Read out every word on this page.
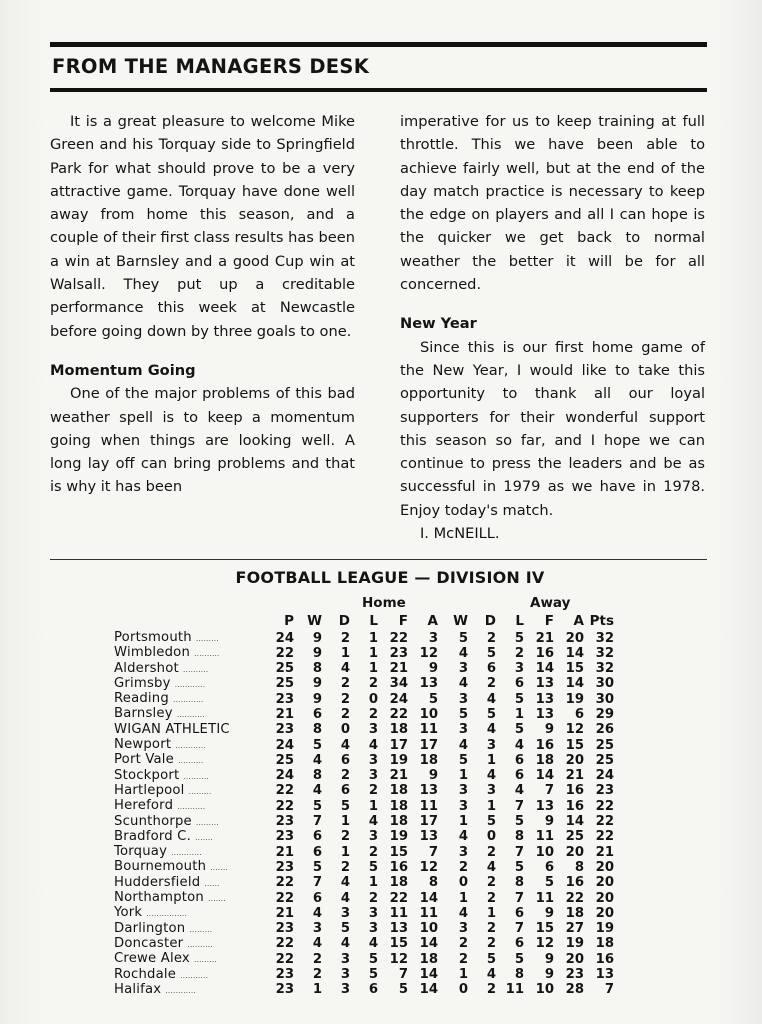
FROM THE MANAGERS DESK

It is a great pleasure to welcome Mike Green and his Torquay side to Springfield Park for what should prove to be a very attractive game. Torquay have done well away from home this season, and a couple of their first class results has been a win at Barnsley and a good Cup win at Walsall. They put up a creditable performance this week at Newcastle before going down by three goals to one.

Momentum Going

One of the major problems of this bad weather spell is to keep a momentum going when things are looking well. A long lay off can bring problems and that is why it has been

imperative for us to keep training at full throttle. This we have been able to achieve fairly well, but at the end of the day match practice is necessary to keep the edge on players and all I can hope is the quicker we get back to normal weather the better it will be for all concerned.

New Year

Since this is our first home game of the New Year, I would like to take this opportunity to thank all our loyal supporters for their wonderful support this season so far, and I hope we can continue to press the leaders and be as successful in 1979 as we have in 1978. Enjoy today's match.

I. McNEILL.

FOOTBALL LEAGUE — DIVISION IV
Home	Away
	P	W	D	L	F	A	W	D	L	F	A	Pts
Portsmouth .........	24	9	2	1	22	3	5	2	5	21	20	32
Wimbledon ..........	22	9	1	1	23	12	4	5	2	16	14	32
Aldershot ..........	25	8	4	1	21	9	3	6	3	14	15	32
Grimsby ............	25	9	2	2	34	13	4	2	6	13	14	30
Reading ............	23	9	2	0	24	5	3	4	5	13	19	30
Barnsley ...........	21	6	2	2	22	10	5	5	1	13	6	29
WIGAN ATHLETIC	23	8	0	3	18	11	3	4	5	9	12	26
Newport ............	24	5	4	4	17	17	4	3	4	16	15	25
Port Vale ..........	25	4	6	3	19	18	5	1	6	18	20	25
Stockport ..........	24	8	2	3	21	9	1	4	6	14	21	24
Hartlepool .........	22	4	6	2	18	13	3	3	4	7	16	23
Hereford ...........	22	5	5	1	18	11	3	1	7	13	16	22
Scunthorpe .........	23	7	1	4	18	17	1	5	5	9	14	22
Bradford C. .......	23	6	2	3	19	13	4	0	8	11	25	22
Torquay ............	21	6	1	2	15	7	3	2	7	10	20	21
Bournemouth .......	23	5	2	5	16	12	2	4	5	6	8	20
Huddersfield ......	22	7	4	1	18	8	0	2	8	5	16	20
Northampton .......	22	6	4	2	22	14	1	2	7	11	22	20
York ................	21	4	3	3	11	11	4	1	6	9	18	20
Darlington .........	23	3	5	3	13	10	3	2	7	15	27	19
Doncaster ..........	22	4	4	4	15	14	2	2	6	12	19	18
Crewe Alex .........	22	2	3	5	12	18	2	5	5	9	20	16
Rochdale ...........	23	2	3	5	7	14	1	4	8	9	23	13
Halifax ............	23	1	3	6	5	14	0	2	11	10	28	7
